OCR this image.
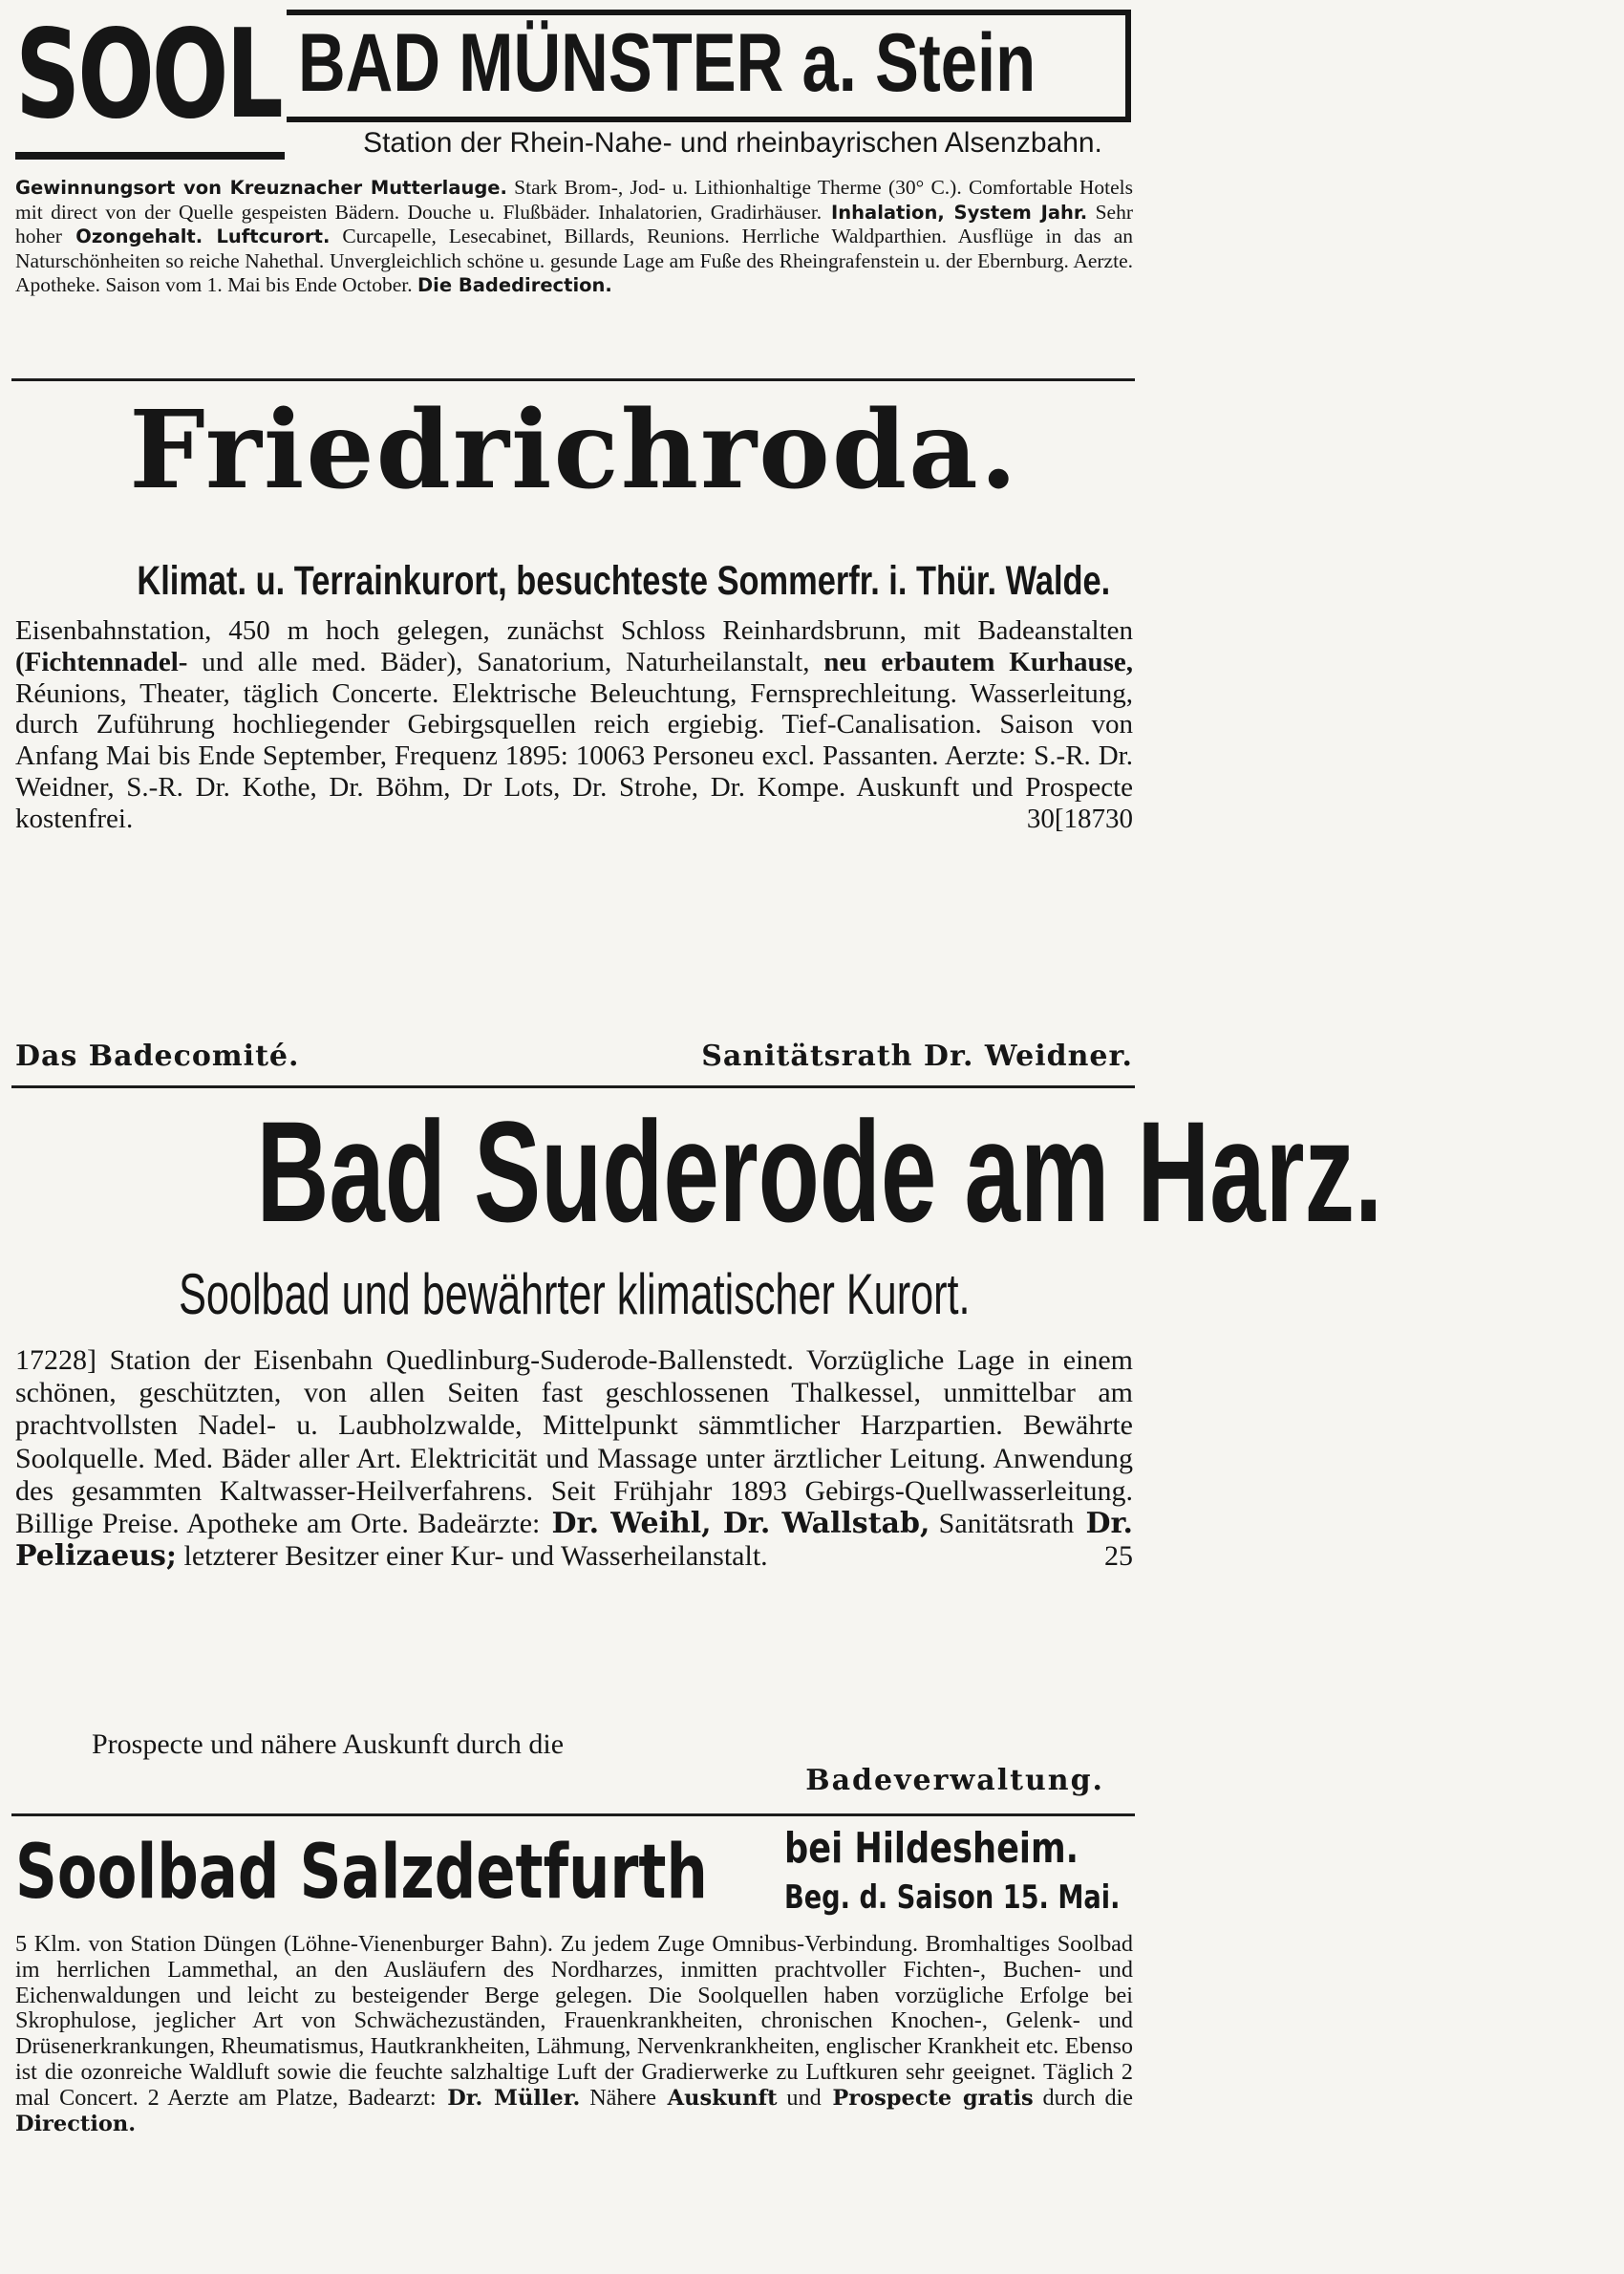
SOOL BAD MÜNSTER a. Stein
Station der Rhein-Nahe- und rheinbayrischen Alsenzbahn.
Gewinnungsort von Kreuznacher Mutterlauge. Stark Brom-, Jod- u. Lithionhaltige Therme (30° C.). Comfortable Hotels mit direct von der Quelle gespeisten Bädern. Douche u. Flußbäder. Inhalatorien, Gradirhäuser. Inhalation, System Jahr. Sehr hoher Ozongehalt. Luftcurort. Curcapelle, Lesecabinet, Billards, Reunions. Herrliche Waldparthien. Ausflüge in das an Naturschönheiten so reiche Nahethal. Unvergleichlich schöne u. gesunde Lage am Fuße des Rheingrafenstein u. der Ebernburg. Aerzte. Apotheke. Saison vom 1. Mai bis Ende October. Die Badedirection.
Friedrichroda.
Klimat. u. Terrainkurort, besuchteste Sommerfr. i. Thür. Walde.
Eisenbahnstation, 450 m hoch gelegen, zunächst Schloss Reinhardsbrunn, mit Badeanstalten (Fichtennadel- und alle med. Bäder), Sanatorium, Naturheilanstalt, neu erbautem Kurhause, Réunions, Theater, täglich Concerte. Elektrische Beleuchtung, Fernsprechleitung. Wasserleitung, durch Zuführung hochliegender Gebirgsquellen reich ergiebig. Tief-Canalisation. Saison von Anfang Mai bis Ende September, Frequenz 1895: 10063 Personeu excl. Passanten. Aerzte: S.-R. Dr. Weidner, S.-R. Dr. Kothe, Dr. Böhm, Dr Lots, Dr. Strohe, Dr. Kompe. Auskunft und Prospecte kostenfrei.	30[18730
Das Badecomité.	Sanitätsrath Dr. Weidner.
Bad Suderode am Harz.
Soolbad und bewährter klimatischer Kurort.
17228] Station der Eisenbahn Quedlinburg-Suderode-Ballenstedt. Vorzügliche Lage in einem schönen, geschützten, von allen Seiten fast geschlossenen Thalkessel, unmittelbar am prachtvollsten Nadel- u. Laubholzwalde, Mittelpunkt sämmtlicher Harzpartien. Bewährte Soolquelle. Med. Bäder aller Art. Elektricität und Massage unter ärztlicher Leitung. Anwendung des gesammten Kaltwasser-Heilverfahrens. Seit Frühjahr 1893 Gebirgs-Quellwasserleitung. Billige Preise. Apotheke am Orte. Badeärzte: Dr. Weihl, Dr. Wallstab, Sanitätsrath Dr. Pelizaeus; letzterer Besitzer einer Kur- und Wasserheilanstalt.	25
Prospecte und nähere Auskunft durch die
Badeverwaltung.
Soolbad Salzdetfurth bei Hildesheim.
Beg. d. Saison 15. Mai.
5 Klm. von Station Düngen (Löhne-Vienenburger Bahn). Zu jedem Zuge Omnibus-Verbindung. Bromhaltiges Soolbad im herrlichen Lammethal, an den Ausläufern des Nordharzes, inmitten prachtvoller Fichten-, Buchen- und Eichenwaldungen und leicht zu besteigender Berge gelegen. Die Soolquellen haben vorzügliche Erfolge bei Skrophulose, jeglicher Art von Schwächezuständen, Frauenkrankheiten, chronischen Knochen-, Gelenk- und Drüsenerkrankungen, Rheumatismus, Hautkrankheiten, Lähmung, Nervenkrankheiten, englischer Krankheit etc. Ebenso ist die ozonreiche Waldluft sowie die feuchte salzhaltige Luft der Gradierwerke zu Luftkuren sehr geeignet. Täglich 2 mal Concert. 2 Aerzte am Platze, Badearzt: Dr. Müller. Nähere Auskunft und Prospecte gratis durch die Direction.
